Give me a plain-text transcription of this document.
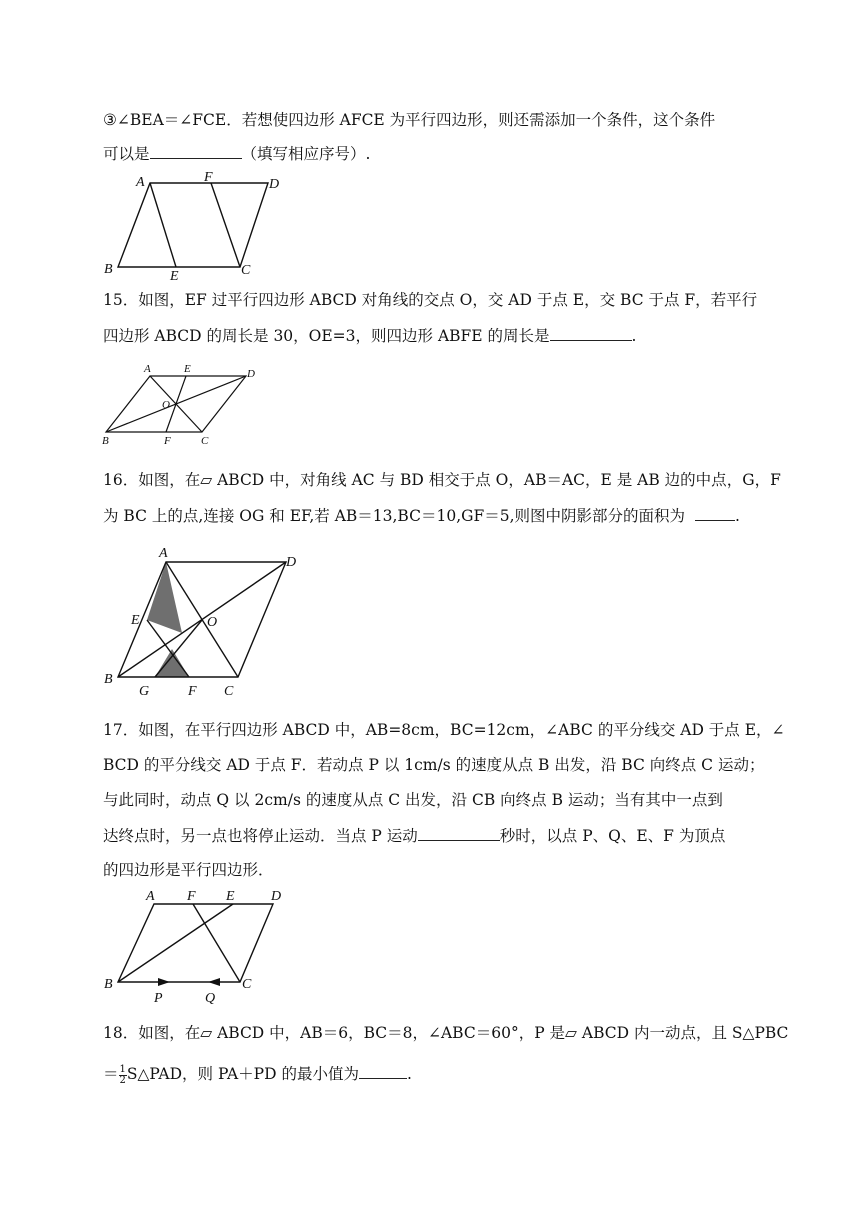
③∠BEA＝∠FCE．若想使四边形 AFCE 为平行四边形，则还需添加一个条件，这个条件
可以是	（填写相应序号）.
A	F	D
B	E	C
15．如图，EF 过平行四边形 ABCD 对角线的交点 O，交 AD 于点 E，交 BC 于点 F，若平行
四边形 ABCD 的周长是 30，OE=3，则四边形 ABFE 的周长是	.
A	E	D
O
B	F	C
16．如图，在▱ ABCD 中，对角线 AC 与 BD 相交于点 O，AB＝AC，E 是 AB 边的中点，G，F
为 BC 上的点,连接 OG 和 EF,若 AB＝13,BC＝10,GF＝5,则图中阴影部分的面积为	.
A
D
E	O
B
G	F C
17．如图，在平行四边形 ABCD 中，AB=8cm，BC=12cm，∠ABC 的平分线交 AD 于点 E，∠
BCD 的平分线交 AD 于点 F．若动点 P 以 1cm/s 的速度从点 B 出发，沿 BC 向终点 C 运动；
与此同时，动点 Q 以 2cm/s 的速度从点 C 出发，沿 CB 向终点 B 运动；当有其中一点到
达终点时，另一点也将停止运动．当点 P 运动	秒时，以点 P、Q、E、F 为顶点
的四边形是平行四边形．
A F E	D
B
P	Q
C
18．如图，在▱ ABCD 中，AB＝6，BC＝8，∠ABC＝60°，P 是▱ ABCD 内一动点，且 S△PBC
＝ $\frac{1}{2}$ S△PAD，则 PA＋PD 的最小值为	.
